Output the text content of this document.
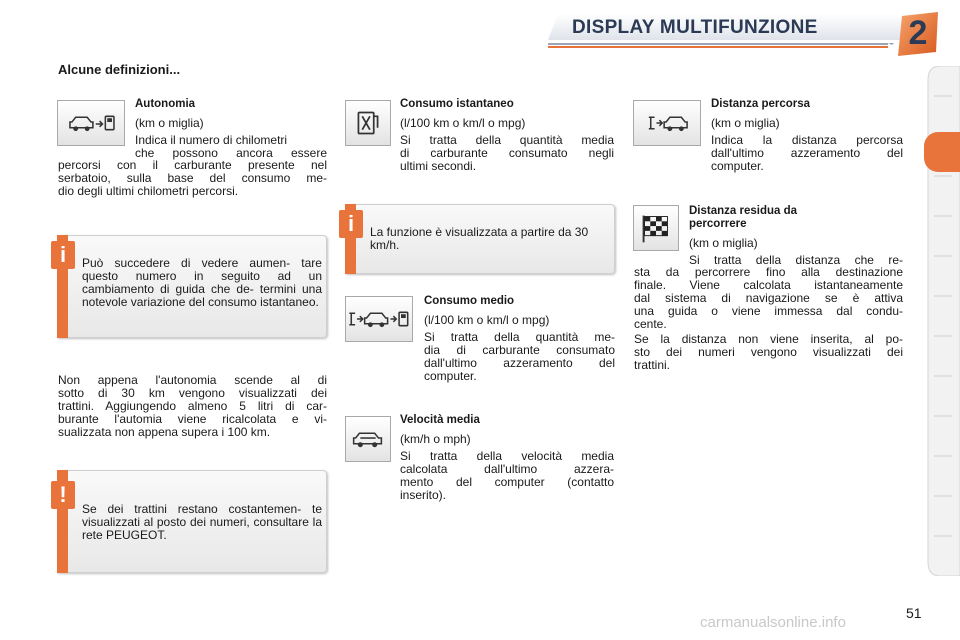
DISPLAY MULTIFUNZIONE	2
Alcune definizioni...
Autonomia
(km o miglia)
Indica il numero di chilometri
che possono ancora essere
percorsi con il carburante presente nel
serbatoio, sulla base del consumo me-
dio degli ultimi chilometri percorsi.
Può succedere di vedere aumen- tare questo numero in seguito ad un cambiamento di guida che de- termini una notevole variazione del consumo istantaneo.
i
Non appena l'autonomia scende al di
sotto di 30 km vengono visualizzati dei
trattini. Aggiungendo almeno 5 litri di car-
burante l'automia viene ricalcolata e vi-
sualizzata non appena supera i 100 km.
Se dei trattini restano costantemen- te visualizzati al posto dei numeri, consultare la rete PEUGEOT.
!
Consumo istantaneo
(l/100 km o km/l o mpg)
Si tratta della quantità media
di carburante consumato negli
ultimi secondi.
La funzione è visualizzata a partire da 30 km/h.
i
Consumo medio
(l/100 km o km/l o mpg)
Si tratta della quantità me-
dia di carburante consumato
dall'ultimo azzeramento del
computer.
Velocità media
(km/h o mph)
Si tratta della velocità media
calcolata dall'ultimo azzera-
mento del computer (contatto
inserito).
Distanza percorsa
(km o miglia)
Indica la distanza percorsa
dall'ultimo azzeramento del
computer.
Distanza residua da
percorrere
(km o miglia)
Si tratta della distanza che re-
sta da percorrere fino alla destinazione
finale. Viene calcolata istantaneamente
dal sistema di navigazione se è attiva
una guida o viene immessa dal condu-
cente.
Se la distanza non viene inserita, al po-
sto dei numeri vengono visualizzati dei
trattini.
51
carmanualsonline.info
